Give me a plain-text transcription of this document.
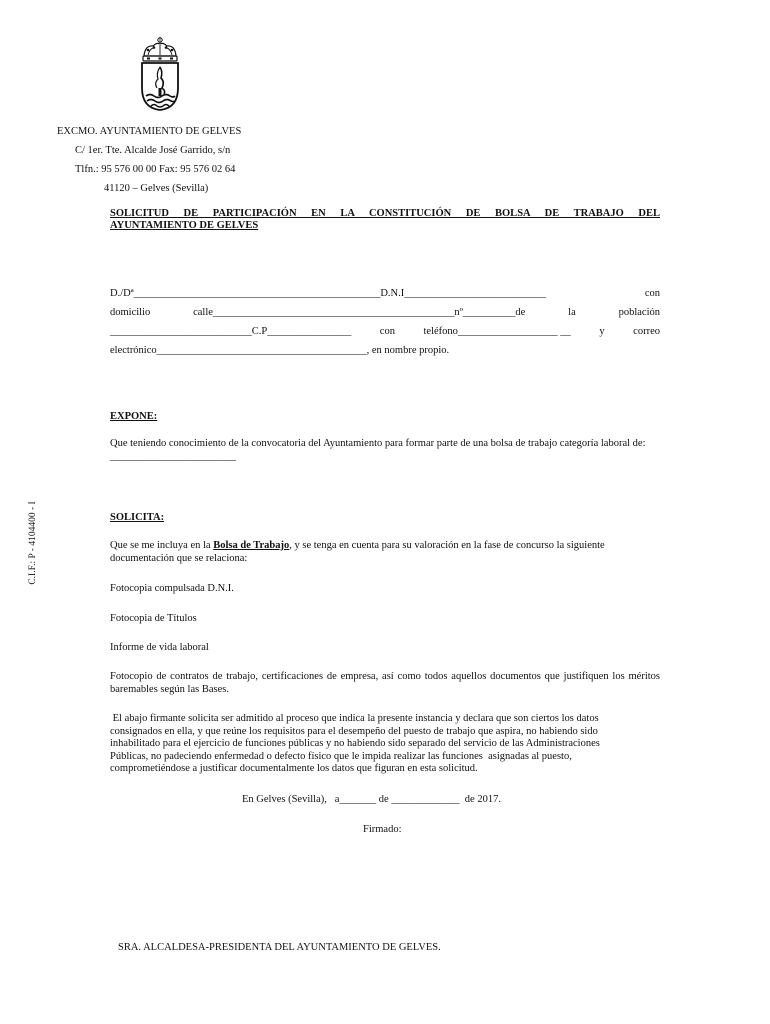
EXCMO. AYUNTAMIENTO DE GELVES
C/ 1er. Tte. Alcalde José Garrido, s/n
Tlfn.: 95 576 00 00 Fax: 95 576 02 64
41120 – Gelves (Sevilla)
C.I.F.: P - 4104400 - I
SOLICITUD DE PARTICIPACIÓN EN LA CONSTITUCIÓN DE BOLSA DE TRABAJO DEL
AYUNTAMIENTO DE GELVES
D./Dª_______________________________________________D.N.I___________________________	con
domicilio	calle______________________________________________nº__________de	la	población
___________________________C.P________________	con	teléfono___________________ __	y	correo
electrónico________________________________________, en nombre propio.
EXPONE:
Que teniendo conocimiento de la convocatoria del Ayuntamiento para formar parte de una bolsa de trabajo categoría laboral de: ________________________
SOLICITA:
Que se me incluya en la Bolsa de Trabajo, y se tenga en cuenta para su valoración en la fase de concurso la siguiente documentación que se relaciona:
Fotocopia compulsada D.N.I.
Fotocopia de Títulos
Informe de vida laboral
Fotocopio de contratos de trabajo, certificaciones de empresa, así como todos aquellos documentos que justifiquen los méritos baremables según las Bases.
El abajo firmante solicita ser admitido al proceso que indica la presente instancia y declara que son ciertos los datos
consignados en ella, y que reúne los requisitos para el desempeño del puesto de trabajo que aspira, no habiendo sido
inhabilitado para el ejercicio de funciones públicas y no habiendo sido separado del servicio de las Administraciones
Públicas, no padeciendo enfermedad o defecto físico que le impida realizar las funciones  asignadas al puesto,
comprometiéndose a justificar documentalmente los datos que figuran en esta solicitud.
En Gelves (Sevilla),   a_______ de _____________  de 2017.
Firmado:
SRA. ALCALDESA-PRESIDENTA DEL AYUNTAMIENTO DE GELVES.
